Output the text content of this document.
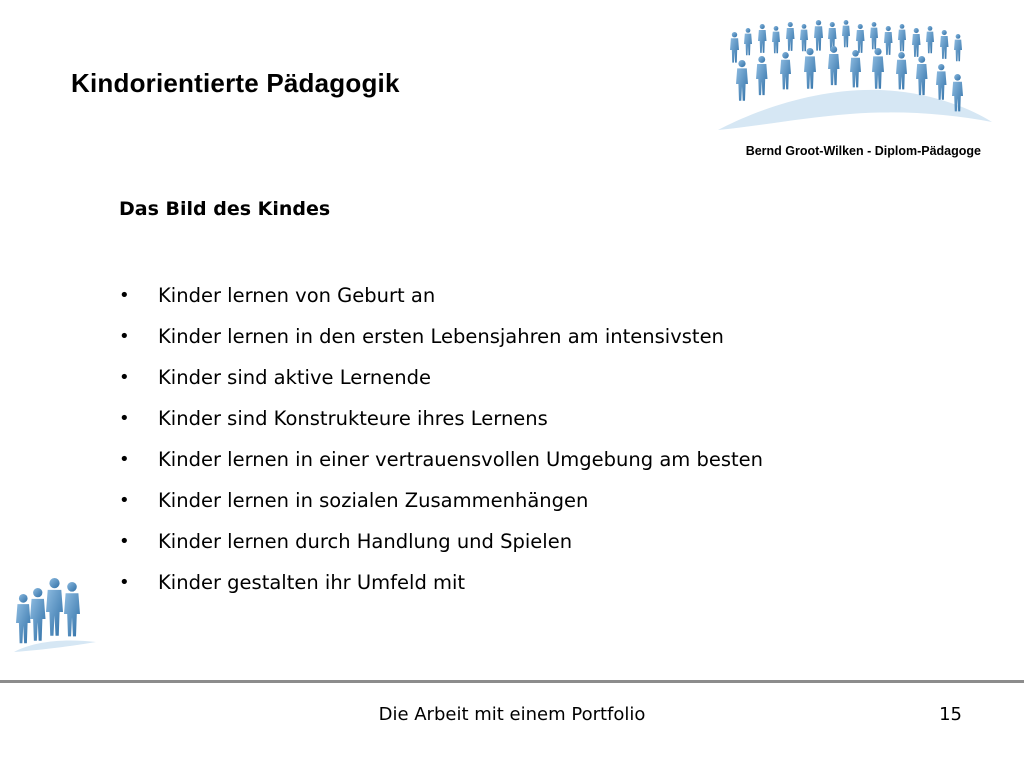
Kindorientierte Pädagogik
Bernd Groot-Wilken - Diplom-Pädagoge
Das Bild des Kindes
•	Kinder lernen von Geburt an
•	Kinder lernen in den ersten Lebensjahren am intensivsten
•	Kinder sind aktive Lernende
•	Kinder sind Konstrukteure ihres Lernens
•	Kinder lernen in einer vertrauensvollen Umgebung am besten
•	Kinder lernen in sozialen Zusammenhängen
•	Kinder lernen durch Handlung und Spielen
•	Kinder gestalten ihr Umfeld mit
Die Arbeit mit einem Portfolio	15
